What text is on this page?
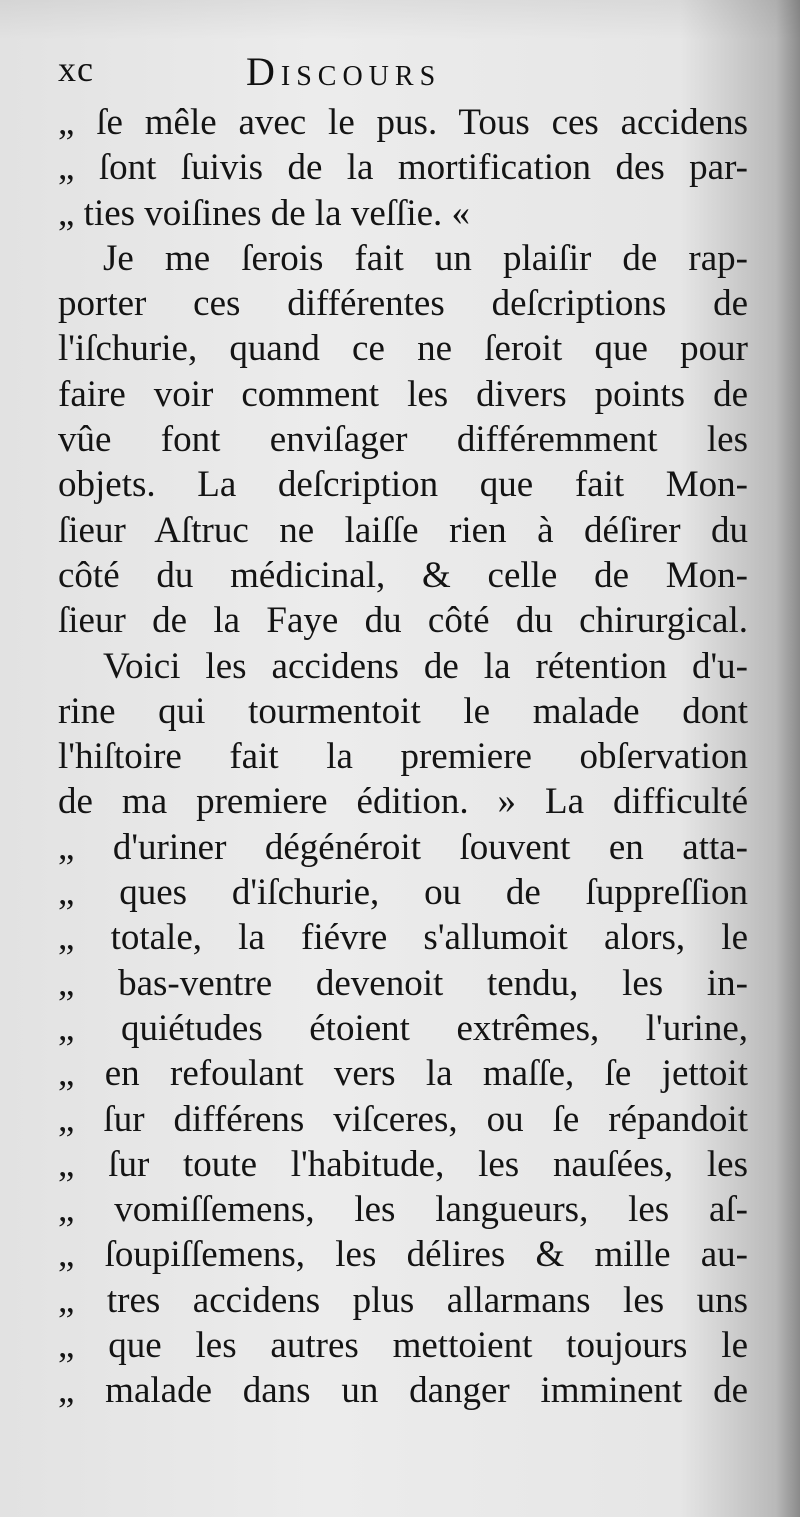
xc	Discours
„ ſe mêle avec le pus. Tous ces accidens
„ ſont ſuivis de la mortification des par-
„ ties voiſines de la veſſie. «
Je me ſerois fait un plaiſir de rap-
porter ces différentes deſcriptions de
l'iſchurie, quand ce ne ſeroit que pour
faire voir comment les divers points de
vûe font enviſager différemment les
objets. La deſcription que fait Mon-
ſieur Aſtruc ne laiſſe rien à déſirer du
côté du médicinal, & celle de Mon-
ſieur de la Faye du côté du chirurgical.
Voici les accidens de la rétention d'u-
rine qui tourmentoit le malade dont
l'hiſtoire fait la premiere obſervation
de ma premiere édition. » La difficulté
„ d'uriner dégénéroit ſouvent en atta-
„ ques d'iſchurie, ou de ſuppreſſion
„ totale, la fiévre s'allumoit alors, le
„ bas-ventre devenoit tendu, les in-
„ quiétudes étoient extrêmes, l'urine,
„ en refoulant vers la maſſe, ſe jettoit
„ ſur différens viſceres, ou ſe répandoit
„ ſur toute l'habitude, les nauſées, les
„ vomiſſemens, les langueurs, les aſ-
„ ſoupiſſemens, les délires & mille au-
„ tres accidens plus allarmans les uns
„ que les autres mettoient toujours le
„ malade dans un danger imminent de
